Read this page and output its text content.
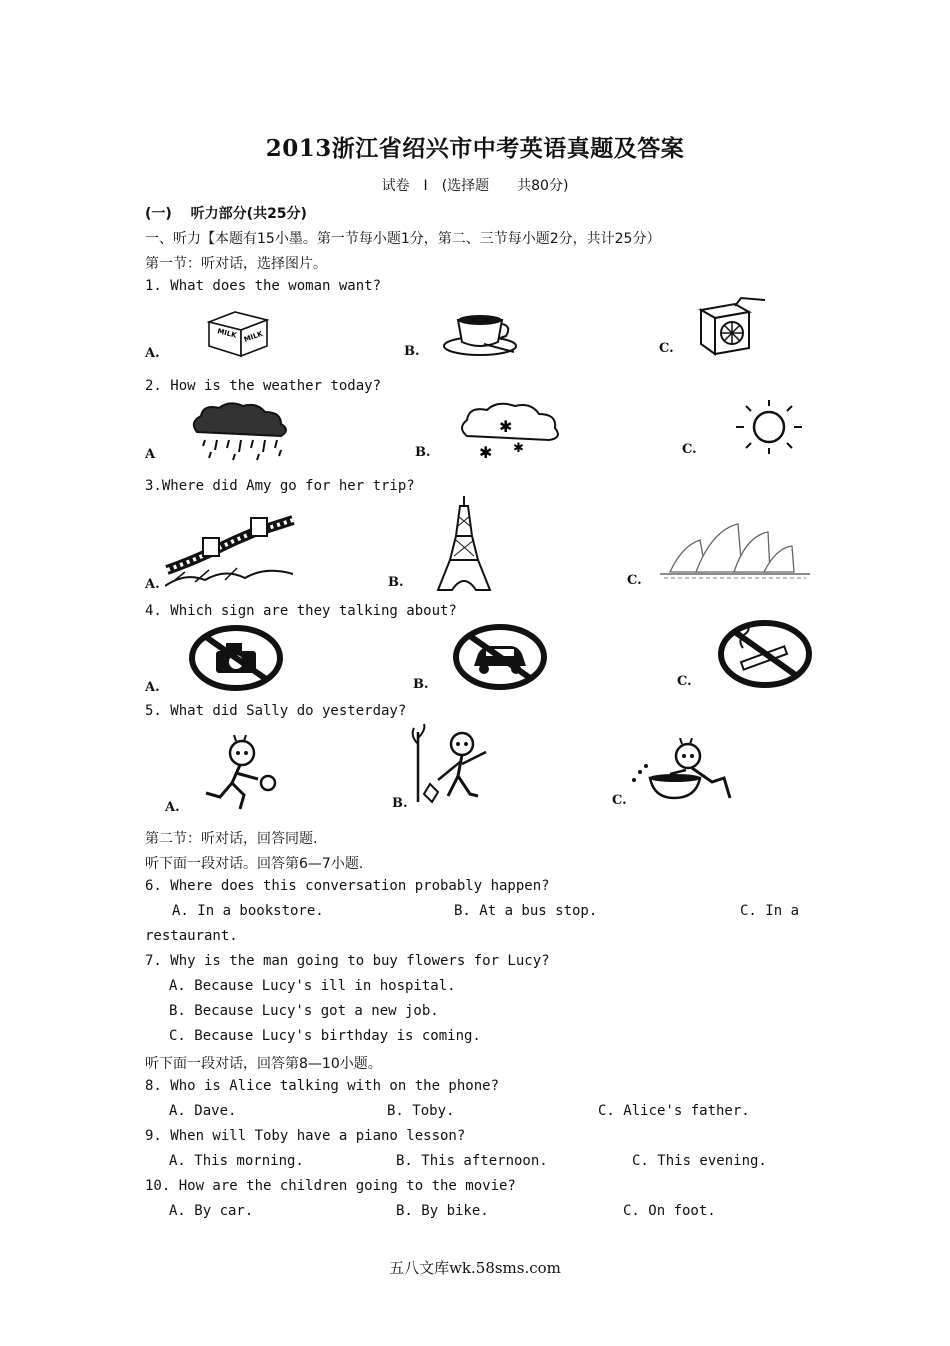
2013浙江省绍兴市中考英语真题及答案
试卷　Ⅰ　(选择题　　共80分)
(一)　 听力部分(共25分)
一、听力【本题有15小墨。第一节每小题1分，第二、三节每小题2分，共计25分）
第一节：听对话，选择图片。
1. What does the woman want?
A.
MILK MILK
B.	C.
2. How is the weather today?
A	B.
✱
✱ ✱	C.
3.Where did Amy go for her trip?
A.	B.	C.
4. Which sign are they talking about?
A.	B.	C.
5. What did Sally do yesterday?
A.	B.	C.
第二节：听对话，回答同题.
听下面一段对话。回答第6—7小题.
6. Where does this conversation probably happen?
A. In a bookstore.	B. At a bus stop.	C. In a
restaurant.
7. Why is the man going to buy flowers for Lucy?
A. Because Lucy's ill in hospital.
B. Because Lucy's got a new job.
C. Because Lucy's birthday is coming.
听下面一段对话，回答第8—10小题。
8. Who is Alice talking with on the phone?
A. Dave.	B. Toby.	C. Alice's father.
9. When will Toby have a piano lesson?
A. This morning.	B. This afternoon.	C. This evening.
10. How are the children going to the movie?
A. By car.	B. By bike.	C. On foot.
五八文库wk.58sms.com
